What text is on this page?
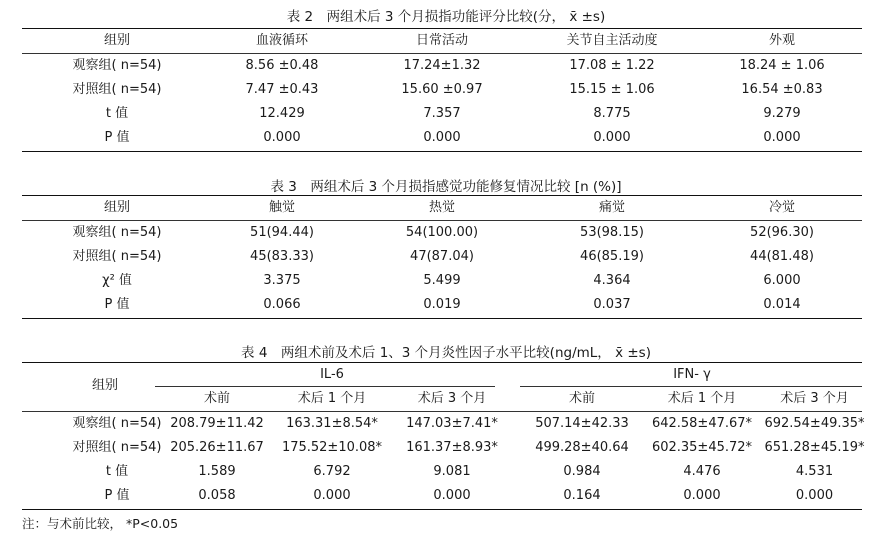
表 2　两组术后 3 个月损指功能评分比较(分， x̄ ±s)
组别	血液循环	日常活动	关节自主活动度	外观
观察组( n=54)	8.56 ±0.48	17.24±1.32	17.08 ± 1.22	18.24 ± 1.06
对照组( n=54)	7.47 ±0.43	15.60 ±0.97	15.15 ± 1.06	16.54 ±0.83
t 值	12.429	7.357	8.775	9.279
P 值	0.000	0.000	0.000	0.000
表 3　两组术后 3 个月损指感觉功能修复情况比较 [n (%)]
组别	触觉	热觉	痛觉	冷觉
观察组( n=54)	51(94.44)	54(100.00)	53(98.15)	52(96.30)
对照组( n=54)	45(83.33)	47(87.04)	46(85.19)	44(81.48)
χ² 值	3.375	5.499	4.364	6.000
P 值	0.066	0.019	0.037	0.014
表 4　两组术前及术后 1、3 个月炎性因子水平比较(ng/mL， x̄ ±s)
IL-6	IFN- γ
组别
术前	术后 1 个月	术后 3 个月	术前	术后 1 个月	术后 3 个月
观察组( n=54) 208.79±11.42	163.31±8.54*	147.03±7.41*	507.14±42.33	642.58±47.67* 692.54±49.35*
对照组( n=54) 205.26±11.67	175.52±10.08*	161.37±8.93*	499.28±40.64	602.35±45.72* 651.28±45.19*
t 值	1.589	6.792	9.081	0.984	4.476	4.531
P 值	0.058	0.000	0.000	0.164	0.000	0.000
注：与术前比较， *P<0.05
